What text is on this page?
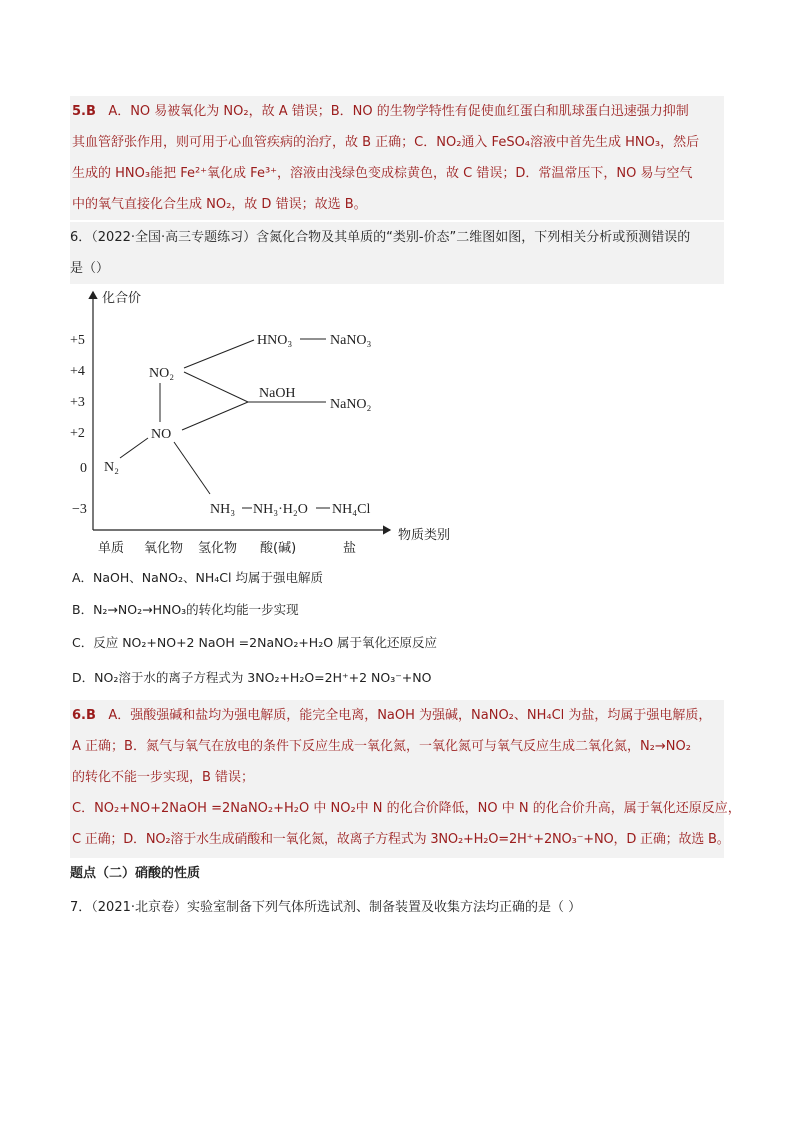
5.B A．NO 易被氧化为 NO₂，故 A 错误；B．NO 的生物学特性有促使血红蛋白和肌球蛋白迅速强力抑制
其血管舒张作用，则可用于心血管疾病的治疗，故 B 正确；C．NO₂通入 FeSO₄溶液中首先生成 HNO₃，然后
生成的 HNO₃能把 Fe²⁺氧化成 Fe³⁺，溶液由浅绿色变成棕黄色，故 C 错误；D．常温常压下，NO 易与空气
中的氧气直接化合生成 NO₂，故 D 错误；故选 B。
6．（2022·全国·高三专题练习）含氮化合物及其单质的“类别-价态”二维图如图，下列相关分析或预测错误的
是（）
化合价
物质类别
+5
+4
+3
+2
0
−3
单质 氧化物 氢化物 酸(碱)	盐
HNO₃	NaNO₃
NO₂
NaOH
NaNO₂
NO
N₂
NH₃ NH₃·H₂O NH₄Cl
A．NaOH、NaNO₂、NH₄Cl 均属于强电解质
B．N₂→NO₂→HNO₃的转化均能一步实现
C．反应 NO₂+NO+2 NaOH =2NaNO₂+H₂O 属于氧化还原反应
D．NO₂溶于水的离子方程式为 3NO₂+H₂O=2H⁺+2 NO₃⁻+NO
6.B A．强酸强碱和盐均为强电解质，能完全电离，NaOH 为强碱，NaNO₂、NH₄Cl 为盐，均属于强电解质，
A 正确；B．氮气与氧气在放电的条件下反应生成一氧化氮，一氧化氮可与氧气反应生成二氧化氮，N₂→NO₂
的转化不能一步实现，B 错误；
C．NO₂+NO+2NaOH =2NaNO₂+H₂O 中 NO₂中 N 的化合价降低，NO 中 N 的化合价升高，属于氧化还原反应，
C 正确；D．NO₂溶于水生成硝酸和一氧化氮，故离子方程式为 3NO₂+H₂O=2H⁺+2NO₃⁻+NO，D 正确；故选 B。
题点（二）硝酸的性质
7．（2021·北京卷）实验室制备下列气体所选试剂、制备装置及收集方法均正确的是（ ）
